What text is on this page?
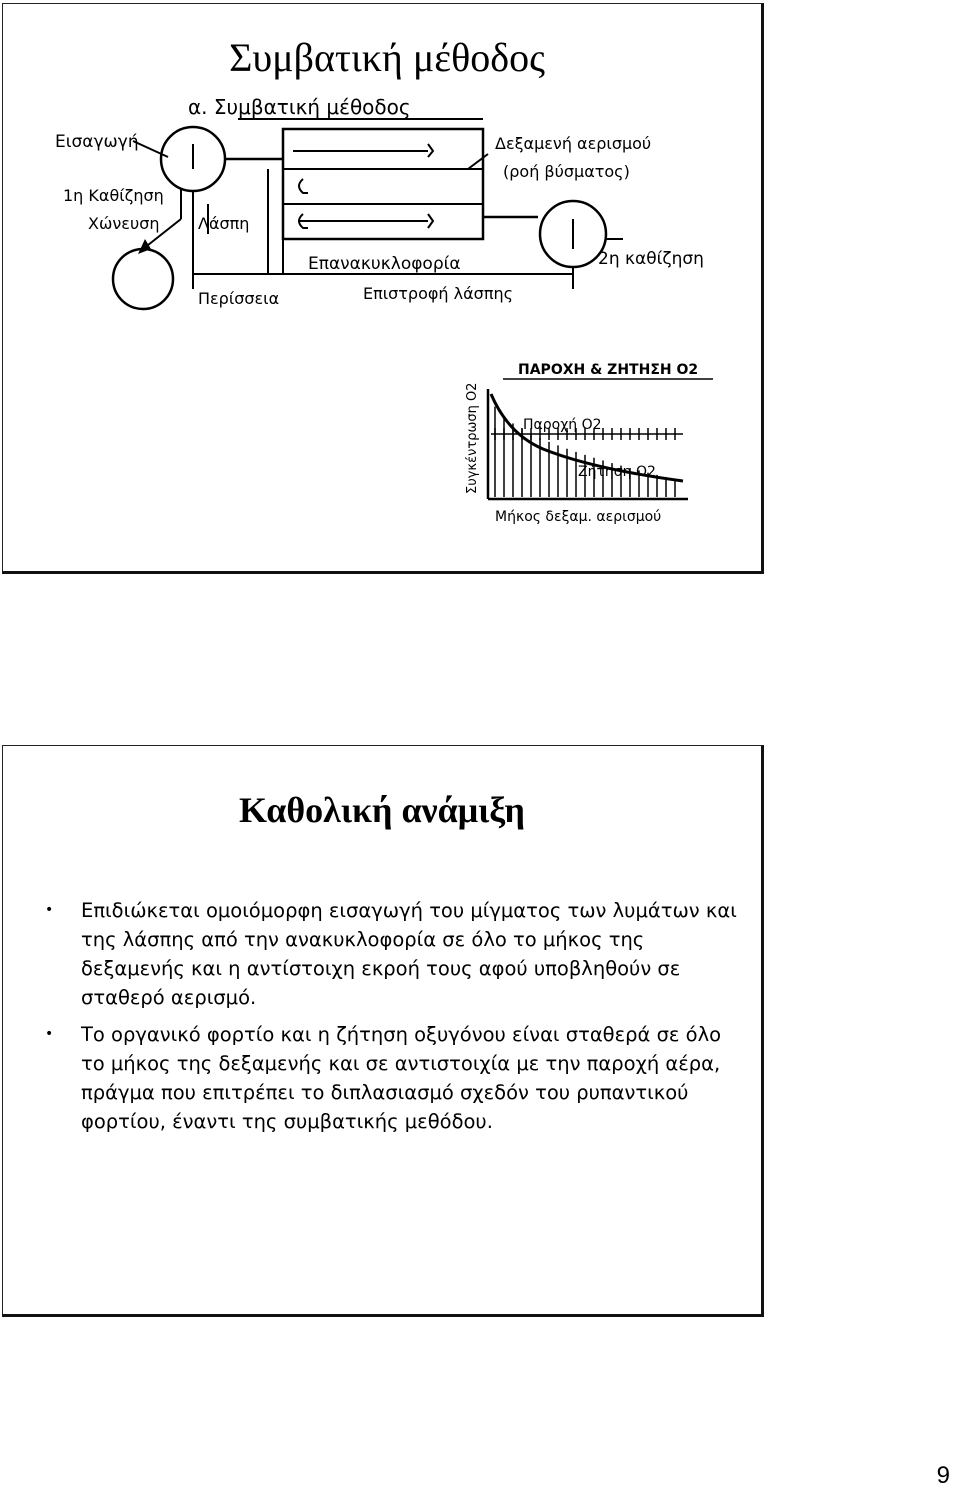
Συμβατική μέθοδος
α. Συμβατική μέθοδος
Εισαγωγή
1η Καθίζηση
Χώνευση Λάσπη
Δεξαμενή αερισμού
(ροή βύσματος)
2η καθίζηση
Επανακυκλοφορία
Περίσσεια	Επιστροφή λάσπης
ΠΑΡΟΧΗ & ΖΗΤΗΣΗ Ο2
Συγκέντρωση Ο2	Παροχή Ο2
Ζήτηση Ο2
Μήκος δεξαμ. αερισμού
Καθολική ανάμιξη
• Επιδιώκεται ομοιόμορφη εισαγωγή του μίγματος των λυμάτων και της λάσπης από την ανακυκλοφορία σε όλο το μήκος της δεξαμενής και η αντίστοιχη εκροή τους αφού υποβληθούν σε σταθερό αερισμό.
• Το οργανικό φορτίο και η ζήτηση οξυγόνου είναι σταθερά σε όλο το μήκος της δεξαμενής και σε αντιστοιχία με την παροχή αέρα, πράγμα που επιτρέπει το διπλασιασμό σχεδόν του ρυπαντικού φορτίου, έναντι της συμβατικής μεθόδου.
9
